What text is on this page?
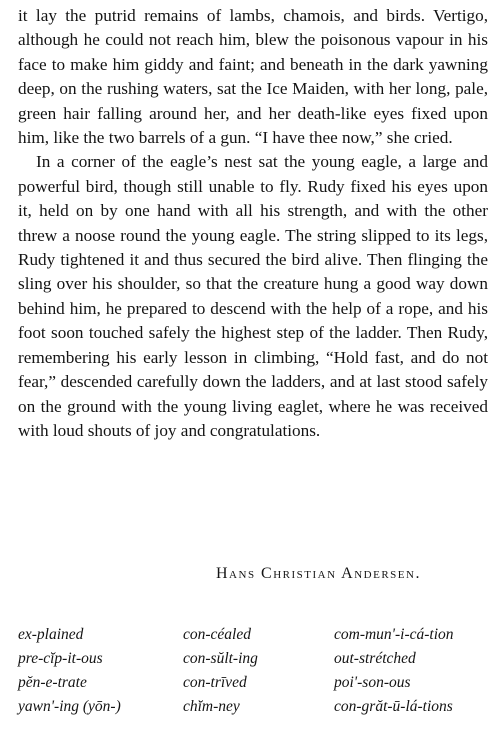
it lay the putrid remains of lambs, chamois, and birds. Vertigo, although he could not reach him, blew the poisonous vapour in his face to make him giddy and faint; and beneath in the dark yawning deep, on the rushing waters, sat the Ice Maiden, with her long, pale, green hair falling around her, and her death-like eyes fixed upon him, like the two barrels of a gun. “I have thee now,” she cried.

In a corner of the eagle’s nest sat the young eagle, a large and powerful bird, though still unable to fly. Rudy fixed his eyes upon it, held on by one hand with all his strength, and with the other threw a noose round the young eagle. The string slipped to its legs, Rudy tightened it and thus secured the bird alive. Then flinging the sling over his shoulder, so that the creature hung a good way down behind him, he prepared to descend with the help of a rope, and his foot soon touched safely the highest step of the ladder. Then Rudy, remembering his early lesson in climbing, “Hold fast, and do not fear,” descended carefully down the ladders, and at last stood safely on the ground with the young living eaglet, where he was received with loud shouts of joy and congratulations.

Hans Christian Andersen.
ex-plained	con-céaled	com-mun'-i-cá-tion
pre-cĭp-it-ous	con-sŭlt-ing	out-strétched
pĕn-e-trate	con-trīved	poi'-son-ous
yawn'-ing (yōn-)	chĭm-ney	con-grăt-ū-lá-tions
